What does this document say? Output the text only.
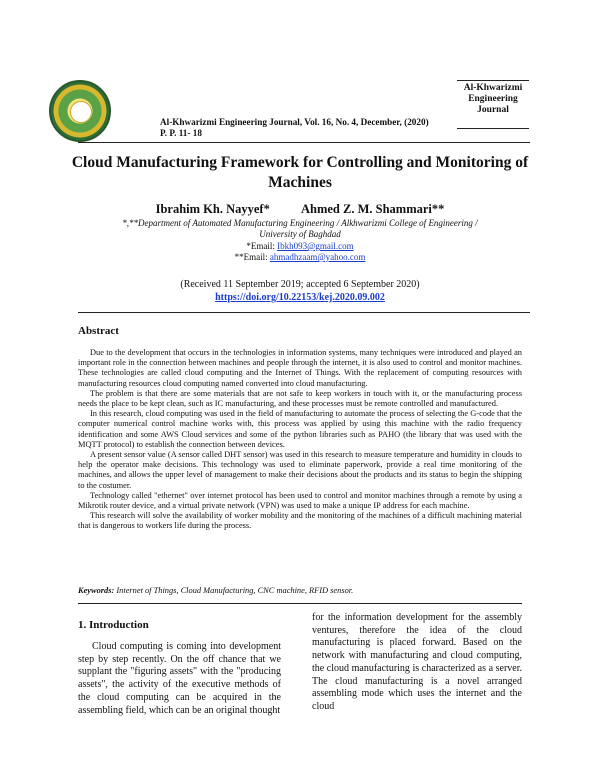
Al-Khwarizmi Engineering Journal, Vol. 16, No. 4, December, (2020)
P. P. 11- 18
Al-Khwarizmi
Engineering
Journal
Cloud Manufacturing Framework for Controlling and Monitoring of
Machines
Ibrahim Kh. Nayyef* Ahmed Z. M. Shammari**
*,**Department of Automated Manufacturing Engineering / Alkhwarizmi College of Engineering /
University of Baghdad
*Email: Ibkh093@gmail.com
**Email: ahmadhzaam@yahoo.com
(Received 11 September 2019; accepted 6 September 2020)
https://doi.org/10.22153/kej.2020.09.002
Abstract

Due to the development that occurs in the technologies in information systems, many techniques were introduced and played an important role in the connection between machines and people through the internet, it is also used to control and monitor machines. These technologies are called cloud computing and the Internet of Things. With the replacement of computing resources with manufacturing resources cloud computing named converted into cloud manufacturing.

The problem is that there are some materials that are not safe to keep workers in touch with it, or the manufacturing process needs the place to be kept clean, such as IC manufacturing, and these processes must be remote controlled and manufactured.

In this research, cloud computing was used in the field of manufacturing to automate the process of selecting the G-code that the computer numerical control machine works with, this process was applied by using this machine with the radio frequency identification and some AWS Cloud services and some of the python libraries such as PAHO (the library that was used with the MQTT protocol) to establish the connection between devices.

A present sensor value (A sensor called DHT sensor) was used in this research to measure temperature and humidity in clouds to help the operator make decisions. This technology was used to eliminate paperwork, provide a real time monitoring of the machines, and allows the upper level of management to make their decisions about the products and its status to begin the shipping to the costumer.

Technology called "ethernet" over internet protocol has been used to control and monitor machines through a remote by using a Mikrotik router device, and a virtual private network (VPN) was used to make a unique IP address for each machine.

This research will solve the availability of worker mobility and the monitoring of the machines of a difficult machining material that is dangerous to workers life during the process.

Keywords: Internet of Things, Cloud Manufacturing, CNC machine, RFID sensor.
1. Introduction

Cloud computing is coming into development step by step recently. On the off chance that we supplant the "figuring assets" with the "producing assets", the activity of the executive methods of the cloud computing can be acquired in the assembling field, which can be an original thought

for the information development for the assembly ventures, therefore the idea of the cloud manufacturing is placed forward. Based on the network with manufacturing and cloud computing, the cloud manufacturing is characterized as a server. The cloud manufacturing is a novel arranged assembling mode which uses the internet and the cloud
